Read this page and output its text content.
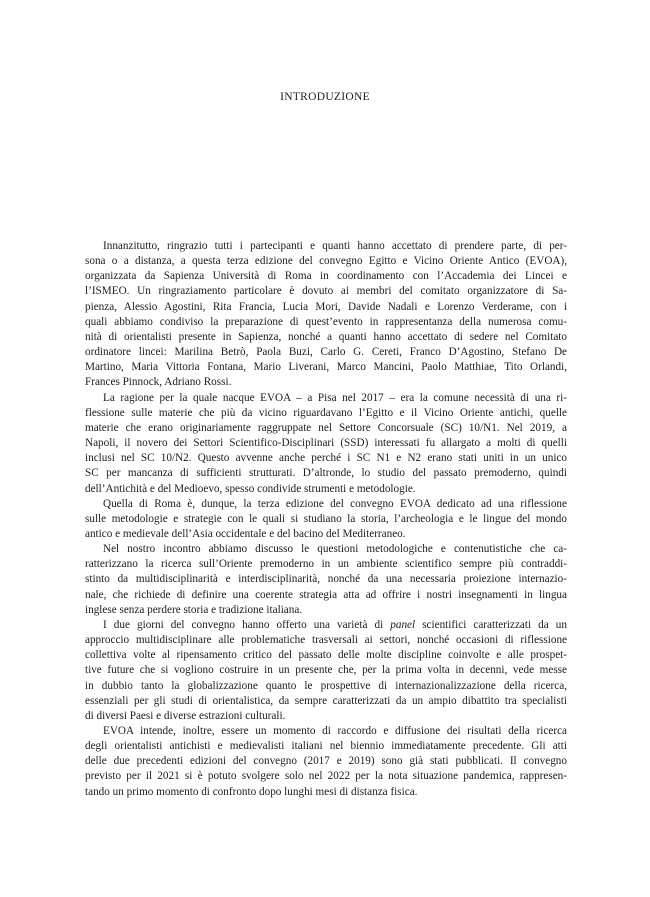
INTRODUZIONE
Innanzitutto, ringrazio tutti i partecipanti e quanti hanno accettato di prendere parte, di per-
sona o a distanza, a questa terza edizione del convegno Egitto e Vicino Oriente Antico (EVOA),
organizzata da Sapienza Università di Roma in coordinamento con l’Accademia dei Lincei e
l’ISMEO. Un ringraziamento particolare è dovuto ai membri del comitato organizzatore di Sa-
pienza, Alessio Agostini, Rita Francia, Lucia Mori, Davide Nadali e Lorenzo Verderame, con i
quali abbiamo condiviso la preparazione di quest’evento in rappresentanza della numerosa comu-
nità di orientalisti presente in Sapienza, nonché a quanti hanno accettato di sedere nel Comitato
ordinatore lincei: Marilina Betrò, Paola Buzi, Carlo G. Cereti, Franco D’Agostino, Stefano De
Martino, Maria Vittoria Fontana, Mario Liverani, Marco Mancini, Paolo Matthiae, Tito Orlandi,
Frances Pinnock, Adriano Rossi.
La ragione per la quale nacque EVOA – a Pisa nel 2017 – era la comune necessità di una ri-
flessione sulle materie che più da vicino riguardavano l’Egitto e il Vicino Oriente antichi, quelle
materie che erano originariamente raggruppate nel Settore Concorsuale (SC) 10/N1. Nel 2019, a
Napoli, il novero dei Settori Scientifico-Disciplinari (SSD) interessati fu allargato a molti di quelli
inclusi nel SC 10/N2. Questo avvenne anche perché i SC N1 e N2 erano stati uniti in un unico
SC per mancanza di sufficienti strutturati. D’altronde, lo studio del passato premoderno, quindi
dell’Antichità e del Medioevo, spesso condivide strumenti e metodologie.
Quella di Roma è, dunque, la terza edizione del convegno EVOA dedicato ad una riflessione
sulle metodologie e strategie con le quali si studiano la storia, l’archeologia e le lingue del mondo
antico e medievale dell’Asia occidentale e del bacino del Mediterraneo.
Nel nostro incontro abbiamo discusso le questioni metodologiche e contenutistiche che ca-
ratterizzano la ricerca sull’Oriente premoderno in un ambiente scientifico sempre più contraddi-
stinto da multidisciplinarità e interdisciplinarità, nonché da una necessaria proiezione internazio-
nale, che richiede di definire una coerente strategia atta ad offrire i nostri insegnamenti in lingua
inglese senza perdere storia e tradizione italiana.
I due giorni del convegno hanno offerto una varietà di panel scientifici caratterizzati da un
approccio multidisciplinare alle problematiche trasversali ai settori, nonché occasioni di riflessione
collettiva volte al ripensamento critico del passato delle molte discipline coinvolte e alle prospet-
tive future che si vogliono costruire in un presente che, per la prima volta in decenni, vede messe
in dubbio tanto la globalizzazione quanto le prospettive di internazionalizzazione della ricerca,
essenziali per gli studi di orientalistica, da sempre caratterizzati da un ampio dibattito tra specialisti
di diversi Paesi e diverse estrazioni culturali.
EVOA intende, inoltre, essere un momento di raccordo e diffusione dei risultati della ricerca
degli orientalisti antichisti e medievalisti italiani nel biennio immediatamente precedente. Gli atti
delle due precedenti edizioni del convegno (2017 e 2019) sono già stati pubblicati. Il convegno
previsto per il 2021 si è potuto svolgere solo nel 2022 per la nota situazione pandemica, rappresen-
tando un primo momento di confronto dopo lunghi mesi di distanza fisica.
